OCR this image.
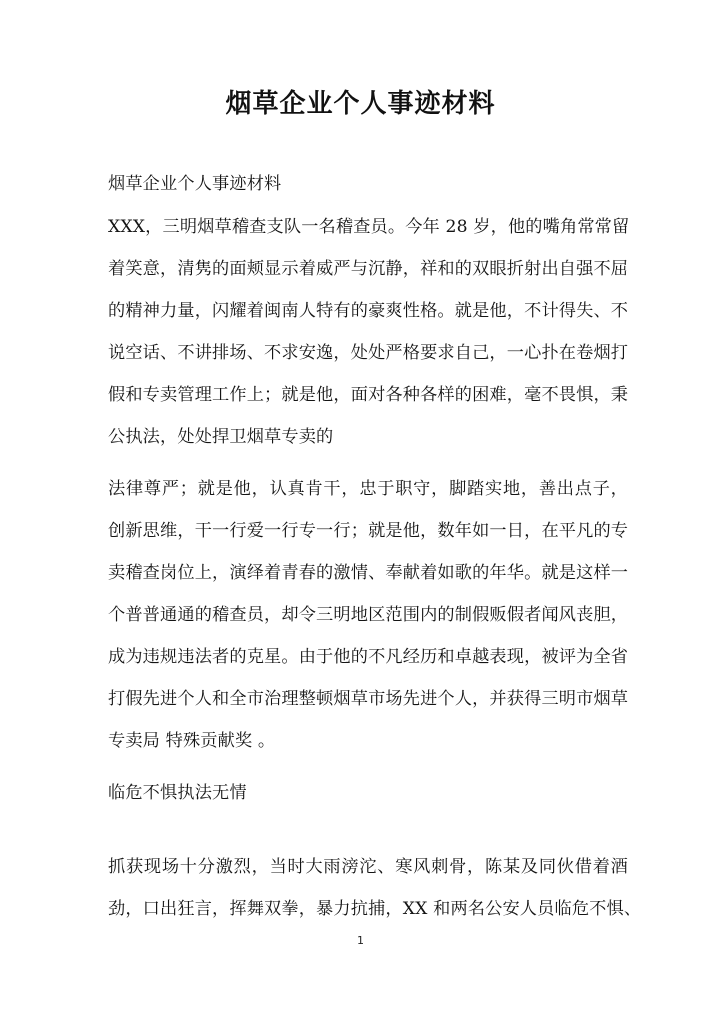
烟草企业个人事迹材料
烟草企业个人事迹材料
XXX，三明烟草稽查支队一名稽查员。今年 28 岁，他的嘴角常常留
着笑意，清隽的面颊显示着威严与沉静，祥和的双眼折射出自强不屈
的精神力量，闪耀着闽南人特有的豪爽性格。就是他，不计得失、不
说空话、不讲排场、不求安逸，处处严格要求自己，一心扑在卷烟打
假和专卖管理工作上；就是他，面对各种各样的困难，毫不畏惧，秉
公执法，处处捍卫烟草专卖的
法律尊严；就是他，认真肯干，忠于职守，脚踏实地，善出点子，
创新思维，干一行爱一行专一行；就是他，数年如一日，在平凡的专
卖稽查岗位上，演绎着青春的激情、奉献着如歌的年华。就是这样一
个普普通通的稽查员，却令三明地区范围内的制假贩假者闻风丧胆，
成为违规违法者的克星。由于他的不凡经历和卓越表现，被评为全省
打假先进个人和全市治理整顿烟草市场先进个人，并获得三明市烟草
专卖局 特殊贡献奖 。
临危不惧执法无情
抓获现场十分激烈，当时大雨滂沱、寒风刺骨，陈某及同伙借着酒
劲，口出狂言，挥舞双拳，暴力抗捕，XX 和两名公安人员临危不惧、
1
